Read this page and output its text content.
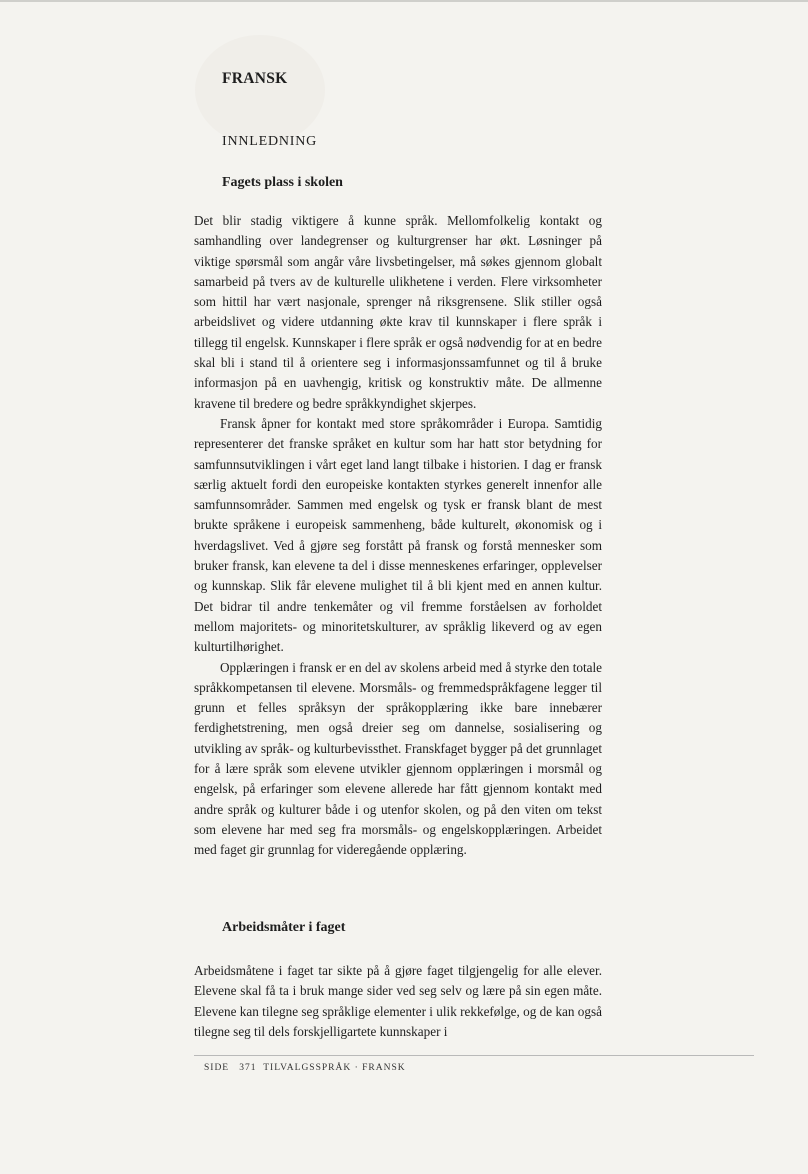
FRANSK
INNLEDNING
Fagets plass i skolen

Det blir stadig viktigere å kunne språk. Mellomfolkelig kontakt og samhandling over landegrenser og kulturgrenser har økt. Løsninger på viktige spørsmål som angår våre livsbetingelser, må søkes gjennom globalt samarbeid på tvers av de kulturelle ulikhetene i verden. Flere virksomheter som hittil har vært nasjonale, sprenger nå riksgrensene. Slik stiller også arbeidslivet og videre utdanning økte krav til kunnskaper i flere språk i tillegg til engelsk. Kunnskaper i flere språk er også nødvendig for at en bedre skal bli i stand til å orientere seg i informasjonssamfunnet og til å bruke informasjon på en uavhengig, kritisk og konstruktiv måte. De allmenne kravene til bredere og bedre språkkyndighet skjerpes.

Fransk åpner for kontakt med store språkområder i Europa. Samtidig representerer det franske språket en kultur som har hatt stor betydning for samfunnsutviklingen i vårt eget land langt tilbake i historien. I dag er fransk særlig aktuelt fordi den europeiske kontakten styrkes generelt innenfor alle samfunnsområder. Sammen med engelsk og tysk er fransk blant de mest brukte språkene i europeisk sammenheng, både kulturelt, økonomisk og i hverdagslivet. Ved å gjøre seg forstått på fransk og forstå mennesker som bruker fransk, kan elevene ta del i disse menneskenes erfaringer, opplevelser og kunnskap. Slik får elevene mulighet til å bli kjent med en annen kultur. Det bidrar til andre tenkemåter og vil fremme forståelsen av forholdet mellom majoritets- og minoritetskulturer, av språklig likeverd og av egen kulturtilhørighet.

Opplæringen i fransk er en del av skolens arbeid med å styrke den totale språkkompetansen til elevene. Morsmåls- og fremmedspråkfagene legger til grunn et felles språksyn der språkopplæring ikke bare innebærer ferdighetstrening, men også dreier seg om dannelse, sosialisering og utvikling av språk- og kulturbevissthet. Franskfaget bygger på det grunnlaget for å lære språk som elevene utvikler gjennom opplæringen i morsmål og engelsk, på erfaringer som elevene allerede har fått gjennom kontakt med andre språk og kulturer både i og utenfor skolen, og på den viten om tekst som elevene har med seg fra morsmåls- og engelskopplæringen. Arbeidet med faget gir grunnlag for videregående opplæring.

Arbeidsmåter i faget

Arbeidsmåtene i faget tar sikte på å gjøre faget tilgjengelig for alle elever. Elevene skal få ta i bruk mange sider ved seg selv og lære på sin egen måte. Elevene kan tilegne seg språklige elementer i ulik rekkefølge, og de kan også tilegne seg til dels forskjelligartete kunnskaper i

SIDE 371 TILVALGSSPRÅK · FRANSK
